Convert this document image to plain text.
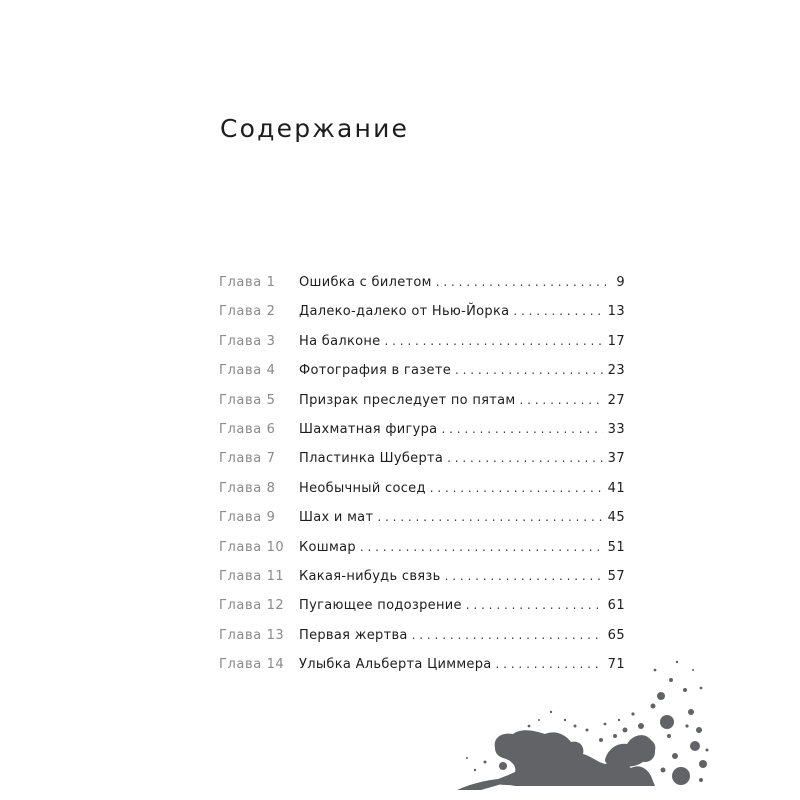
Содержание
Глава 1	Ошибка с билетом . . .	9
Глава 2	Далеко-далеко от Нью-Йорка . . .	13
Глава 3	На балконе . . .	17
Глава 4	Фотография в газете . . .	23
Глава 5	Призрак преследует по пятам . . .	27
Глава 6	Шахматная фигура . . .	33
Глава 7	Пластинка Шуберта . . .	37
Глава 8	Необычный сосед . . .	41
Глава 9	Шах и мат . . .	45
Глава 10	Кошмар . . .	51
Глава 11	Какая-нибудь связь . . .	57
Глава 12	Пугающее подозрение . . .	61
Глава 13	Первая жертва . . .	65
Глава 14	Улыбка Альберта Циммера . . .	71
